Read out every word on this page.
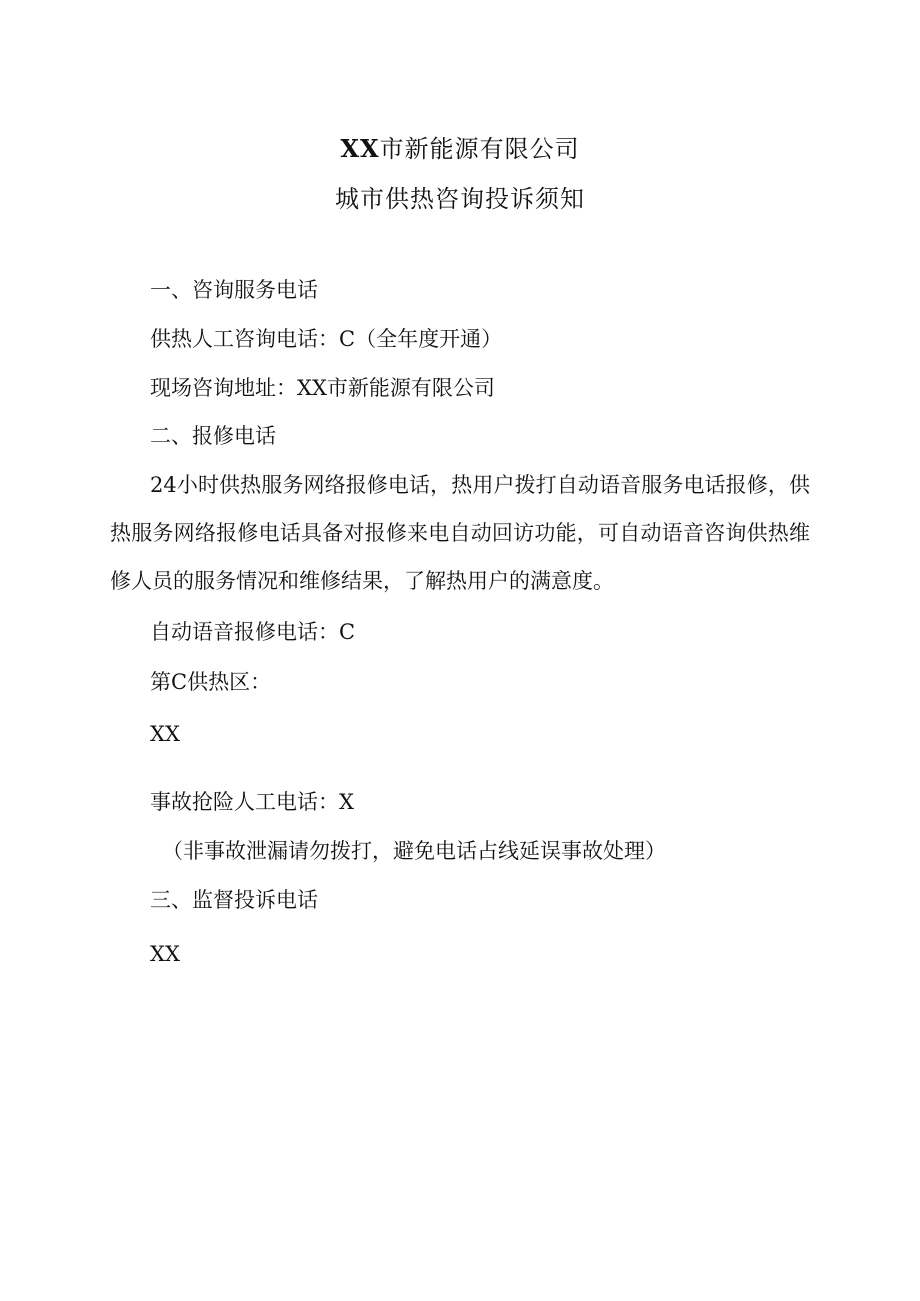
XX市新能源有限公司
城市供热咨询投诉须知
一、咨询服务电话
供热人工咨询电话：C（全年度开通）
现场咨询地址：XX市新能源有限公司
二、报修电话
24小时供热服务网络报修电话，热用户拨打自动语音服务电话报修，供热服务网络报修电话具备对报修来电自动回访功能，可自动语音咨询供热维修人员的服务情况和维修结果，了解热用户的满意度。
自动语音报修电话：C
第C供热区：
XX
事故抢险人工电话：X
（非事故泄漏请勿拨打，避免电话占线延误事故处理）
三、监督投诉电话
XX
